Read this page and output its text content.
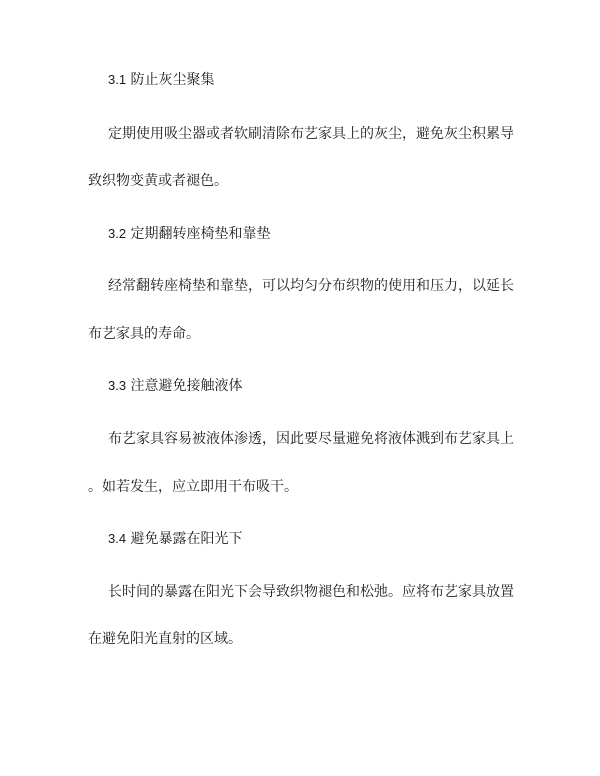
3.1 防止灰尘聚集
定期使用吸尘器或者软刷清除布艺家具上的灰尘，避免灰尘积累导
致织物变黄或者褪色。
3.2 定期翻转座椅垫和靠垫
经常翻转座椅垫和靠垫，可以均匀分布织物的使用和压力，以延长
布艺家具的寿命。
3.3 注意避免接触液体
布艺家具容易被液体渗透，因此要尽量避免将液体溅到布艺家具上
。如若发生，应立即用干布吸干。
3.4 避免暴露在阳光下
长时间的暴露在阳光下会导致织物褪色和松弛。应将布艺家具放置
在避免阳光直射的区域。
